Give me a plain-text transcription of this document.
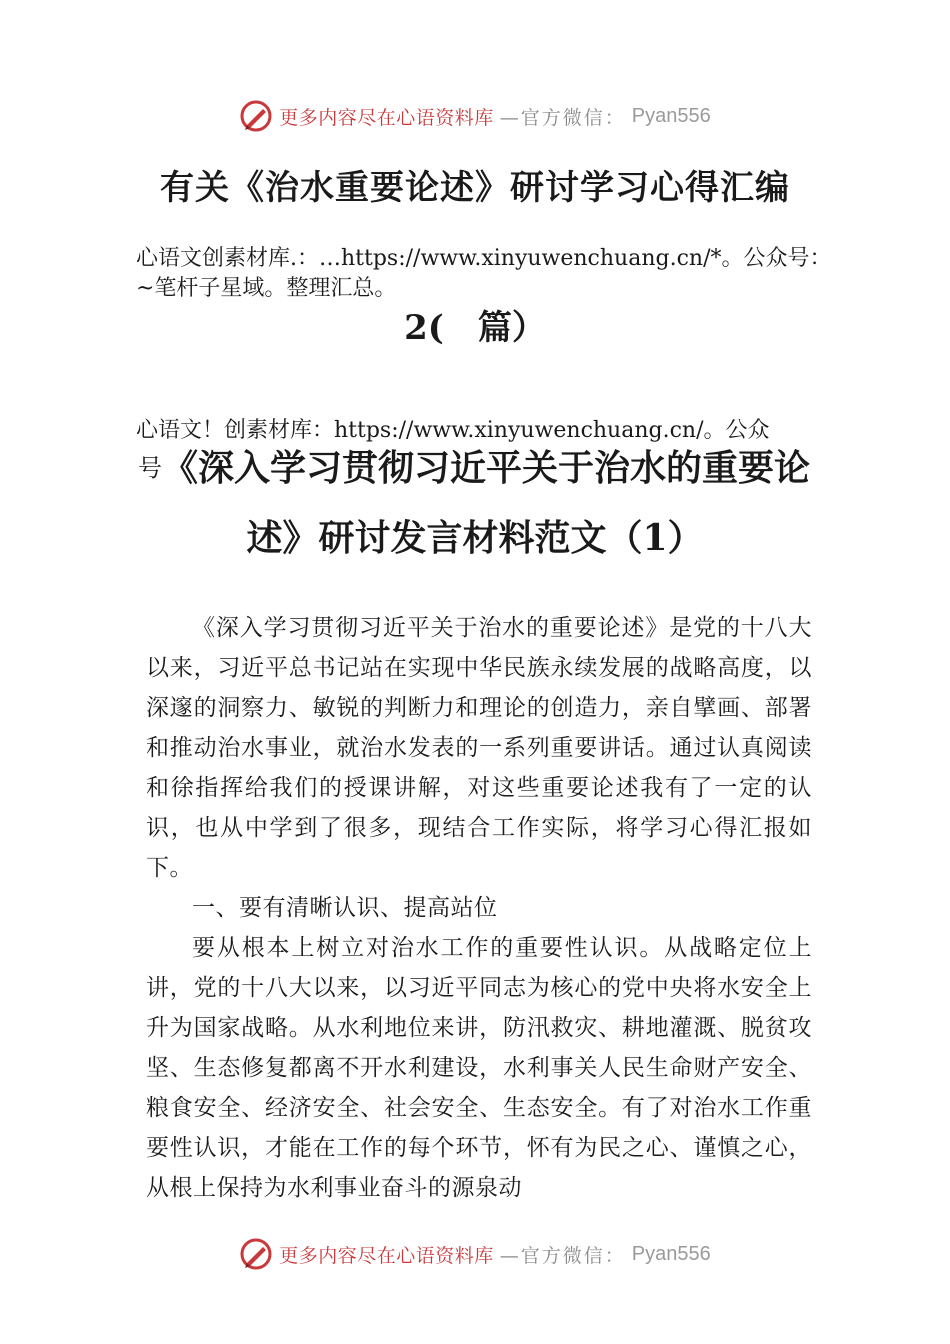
更多内容尽在心语资料库 —官方微信： Pyan556
有关《治水重要论述》研讨学习心得汇编
心语文创素材库.：…https://www.xinyuwenchuang.cn/*。公众号：~笔杆子星域。整理汇总。
2(　篇）
心语文！创素材库：https://www.xinyuwenchuang.cn/。公众
号《深入学习贯彻习近平关于治水的重要论
述》研讨发言材料范文（1）

《深入学习贯彻习近平关于治水的重要论述》是党的十八大以来，习近平总书记站在实现中华民族永续发展的战略高度，以深邃的洞察力、敏锐的判断力和理论的创造力，亲自擘画、部署和推动治水事业，就治水发表的一系列重要讲话。通过认真阅读和徐指挥给我们的授课讲解，对这些重要论述我有了一定的认识，也从中学到了很多，现结合工作实际，将学习心得汇报如下。

一、要有清晰认识、提高站位

要从根本上树立对治水工作的重要性认识。从战略定位上讲，党的十八大以来，以习近平同志为核心的党中央将水安全上升为国家战略。从水利地位来讲，防汛救灾、耕地灌溉、脱贫攻坚、生态修复都离不开水利建设，水利事关人民生命财产安全、粮食安全、经济安全、社会安全、生态安全。有了对治水工作重要性认识，才能在工作的每个环节，怀有为民之心、谨慎之心，从根上保持为水利事业奋斗的源泉动

更多内容尽在心语资料库 —官方微信： Pyan556
